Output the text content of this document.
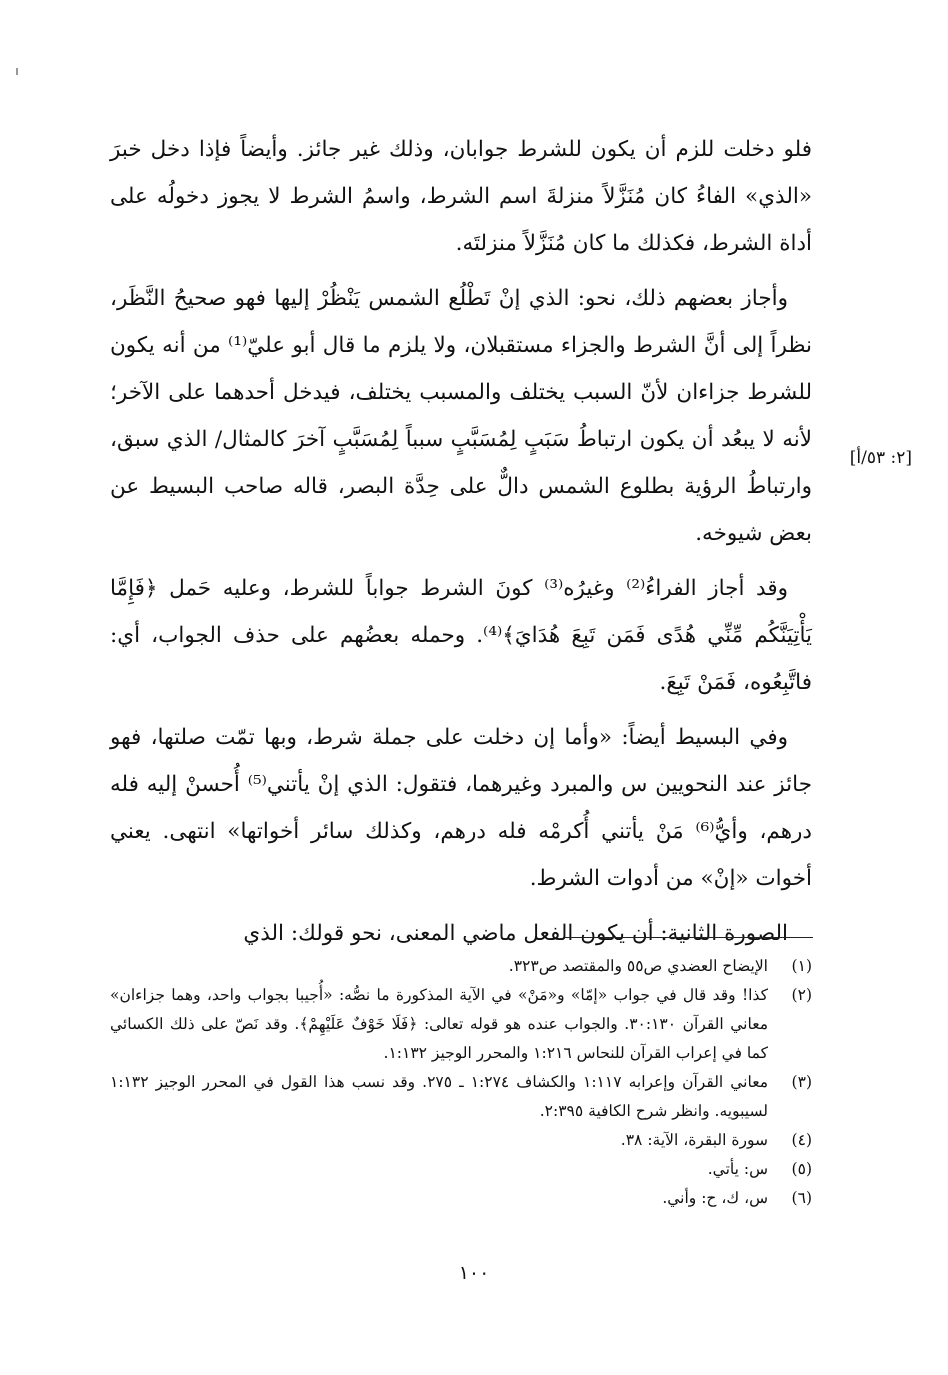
فلو دخلت للزم أن يكون للشرط جوابان، وذلك غير جائز. وأيضاً فإذا دخل خبرَ «الذي» الفاءُ كان مُنَزَّلاً منزلةَ اسم الشرط، واسمُ الشرط لا يجوز دخولُه على أداة الشرط، فكذلك ما كان مُنَزَّلاً منزلتَه.

وأجاز بعضهم ذلك، نحو: الذي إنْ تَطْلُع الشمس يَنْظُرْ إليها فهو صحيحُ النَّظَر، نظراً إلى أنَّ الشرط والجزاء مستقبلان، ولا يلزم ما قال أبو عليّ⁽¹⁾ من أنه يكون للشرط جزاءان لأنّ السبب يختلف والمسبب يختلف، فيدخل أحدهما على الآخر؛ لأنه لا يبعُد أن يكون ارتباطُ سَبَبٍ لِمُسَبَّبٍ سبباً لِمُسَبَّبٍ آخرَ كالمثال/ الذي سبق، وارتباطُ الرؤية بطلوع الشمس دالٌّ على حِدَّة البصر، قاله صاحب البسيط عن بعض شيوخه.

وقد أجاز الفراءُ⁽²⁾ وغيرُه⁽³⁾ كونَ الشرط جواباً للشرط، وعليه حَمل ﴿فَإِمَّا يَأْتِيَنَّكُم مِّنِّي هُدًى فَمَن تَبِعَ هُدَايَ﴾⁽⁴⁾. وحمله بعضُهم على حذف الجواب، أي: فاتَّبِعُوه، فَمَنْ تَبِعَ.

وفي البسيط أيضاً: «وأما إن دخلت على جملة شرط، وبها تمّت صلتها، فهو جائز عند النحويين س والمبرد وغيرهما، فتقول: الذي إنْ يأتني⁽⁵⁾ أُحسنْ إليه فله درهم، وأيُّ⁽⁶⁾ مَنْ يأتني أُكرمْه فله درهم، وكذلك سائر أخواتها» انتهى. يعني أخوات «إنْ» من أدوات الشرط.

الصورة الثانية: أن يكون الفعل ماضي المعنى، نحو قولك: الذي

[٢: ٥٣/أ]
(١)
الإيضاح العضدي ص٥٥ والمقتصد ص٣٢٣.
(٢)
كذا! وقد قال في جواب «إمّا» و«مَنْ» في الآية المذكورة ما نصُّه: «أُجيبا بجواب واحد، وهما جزاءان» معاني القرآن ٣٠:١٣٠. والجواب عنده هو قوله تعالى: ﴿فَلَا خَوْفٌ عَلَيْهِمْ﴾. وقد نَصّ على ذلك الكسائي كما في إعراب القرآن للنحاس ١:٢١٦ والمحرر الوجيز ١:١٣٢.
(٣)
معاني القرآن وإعرابه ١:١١٧ والكشاف ١:٢٧٤ ـ ٢٧٥. وقد نسب هذا القول في المحرر الوجيز ١:١٣٢ لسيبويه. وانظر شرح الكافية ٢:٣٩٥.
(٤)
سورة البقرة، الآية: ٣٨.
(٥)
س: يأتي.
(٦)
س، ك، ح: وأني.
١٠٠
